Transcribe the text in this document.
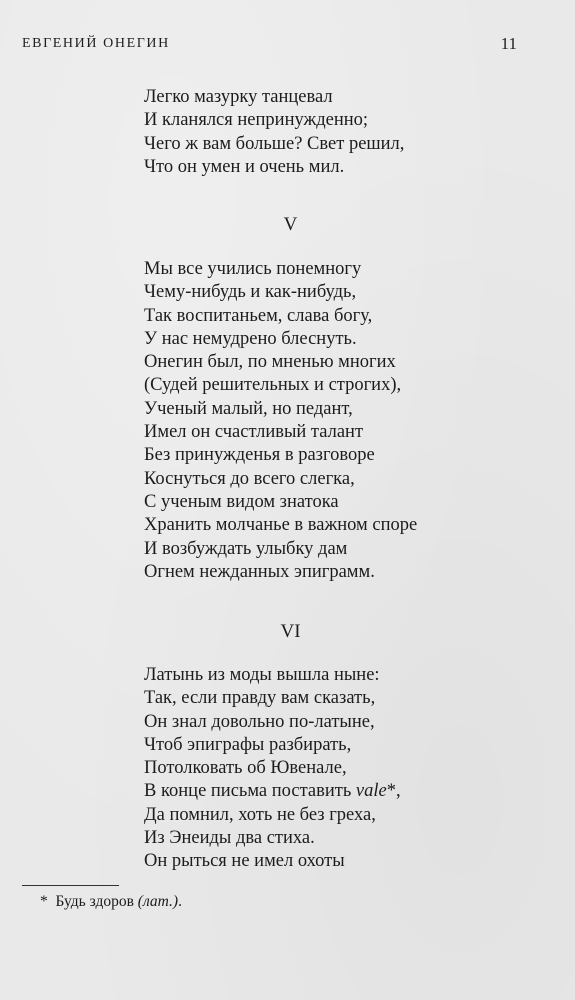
ЕВГЕНИЙ ОНЕГИН	11
Легко мазурку танцевал
И кланялся непринужденно;
Чего ж вам больше? Свет решил,
Что он умен и очень мил.
V
Мы все учились понемногу
Чему-нибудь и как-нибудь,
Так воспитаньем, слава богу,
У нас немудрено блеснуть.
Онегин был, по мненью многих
(Судей решительных и строгих),
Ученый малый, но педант,
Имел он счастливый талант
Без принужденья в разговоре
Коснуться до всего слегка,
С ученым видом знатока
Хранить молчанье в важном споре
И возбуждать улыбку дам
Огнем нежданных эпиграмм.
VI
Латынь из моды вышла ныне:
Так, если правду вам сказать,
Он знал довольно по-латыне,
Чтоб эпиграфы разбирать,
Потолковать об Ювенале,
В конце письма поставить vale*,
Да помнил, хоть не без греха,
Из Энеиды два стиха.
Он рыться не имел охоты
* Будь здоров (лат.).
